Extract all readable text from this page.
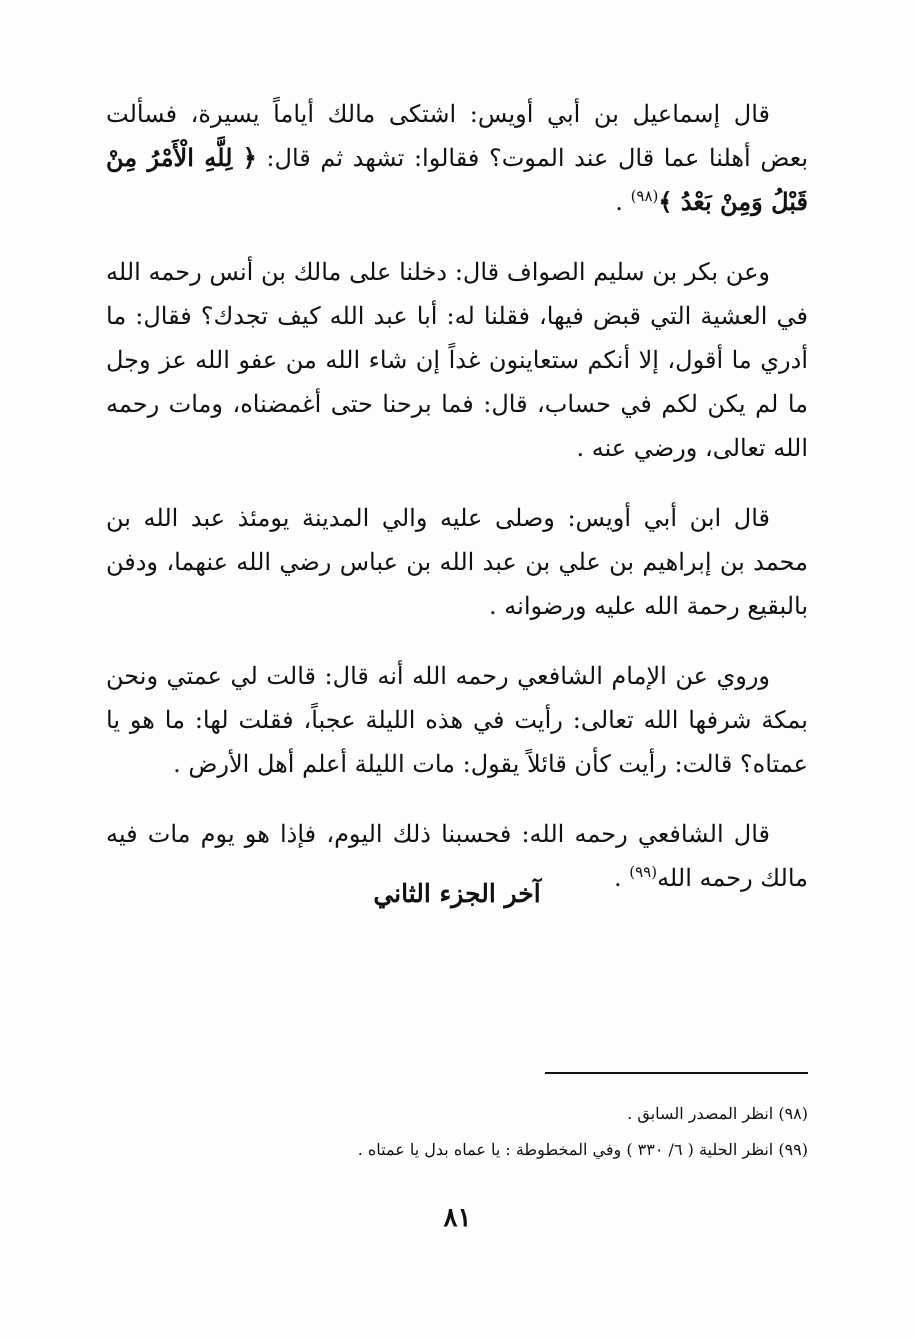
قال إسماعيل بن أبي أويس: اشتكى مالك أياماً يسيرة، فسألت بعض أهلنا عما قال عند الموت؟ فقالوا: تشهد ثم قال: ﴿ لِلَّهِ الْأَمْرُ مِنْ قَبْلُ وَمِنْ بَعْدُ ﴾$^{(٩٨)}$ .

وعن بكر بن سليم الصواف قال: دخلنا على مالك بن أنس رحمه الله في العشية التي قبض فيها، فقلنا له: أبا عبد الله كيف تجدك؟ فقال: ما أدري ما أقول، إلا أنكم ستعاينون غداً إن شاء الله من عفو الله عز وجل ما لم يكن لكم في حساب، قال: فما برحنا حتى أغمضناه، ومات رحمه الله تعالى، ورضي عنه .

قال ابن أبي أويس: وصلى عليه والي المدينة يومئذ عبد الله بن محمد بن إبراهيم بن علي بن عبد الله بن عباس رضي الله عنهما، ودفن بالبقيع رحمة الله عليه ورضوانه .

وروي عن الإمام الشافعي رحمه الله أنه قال: قالت لي عمتي ونحن بمكة شرفها الله تعالى: رأيت في هذه الليلة عجباً، فقلت لها: ما هو يا عمتاه؟ قالت: رأيت كأن قائلاً يقول: مات الليلة أعلم أهل الأرض .

قال الشافعي رحمه الله: فحسبنا ذلك اليوم، فإذا هو يوم مات فيه مالك رحمه الله$^{(٩٩)}$ .

آخر الجزء الثاني

(٩٨) انظر المصدر السابق .

(٩٩) انظر الحلية ( ٦/ ٣٣٠ ) وفي المخطوطة : يا عماه بدل يا عمتاه .

٨١
